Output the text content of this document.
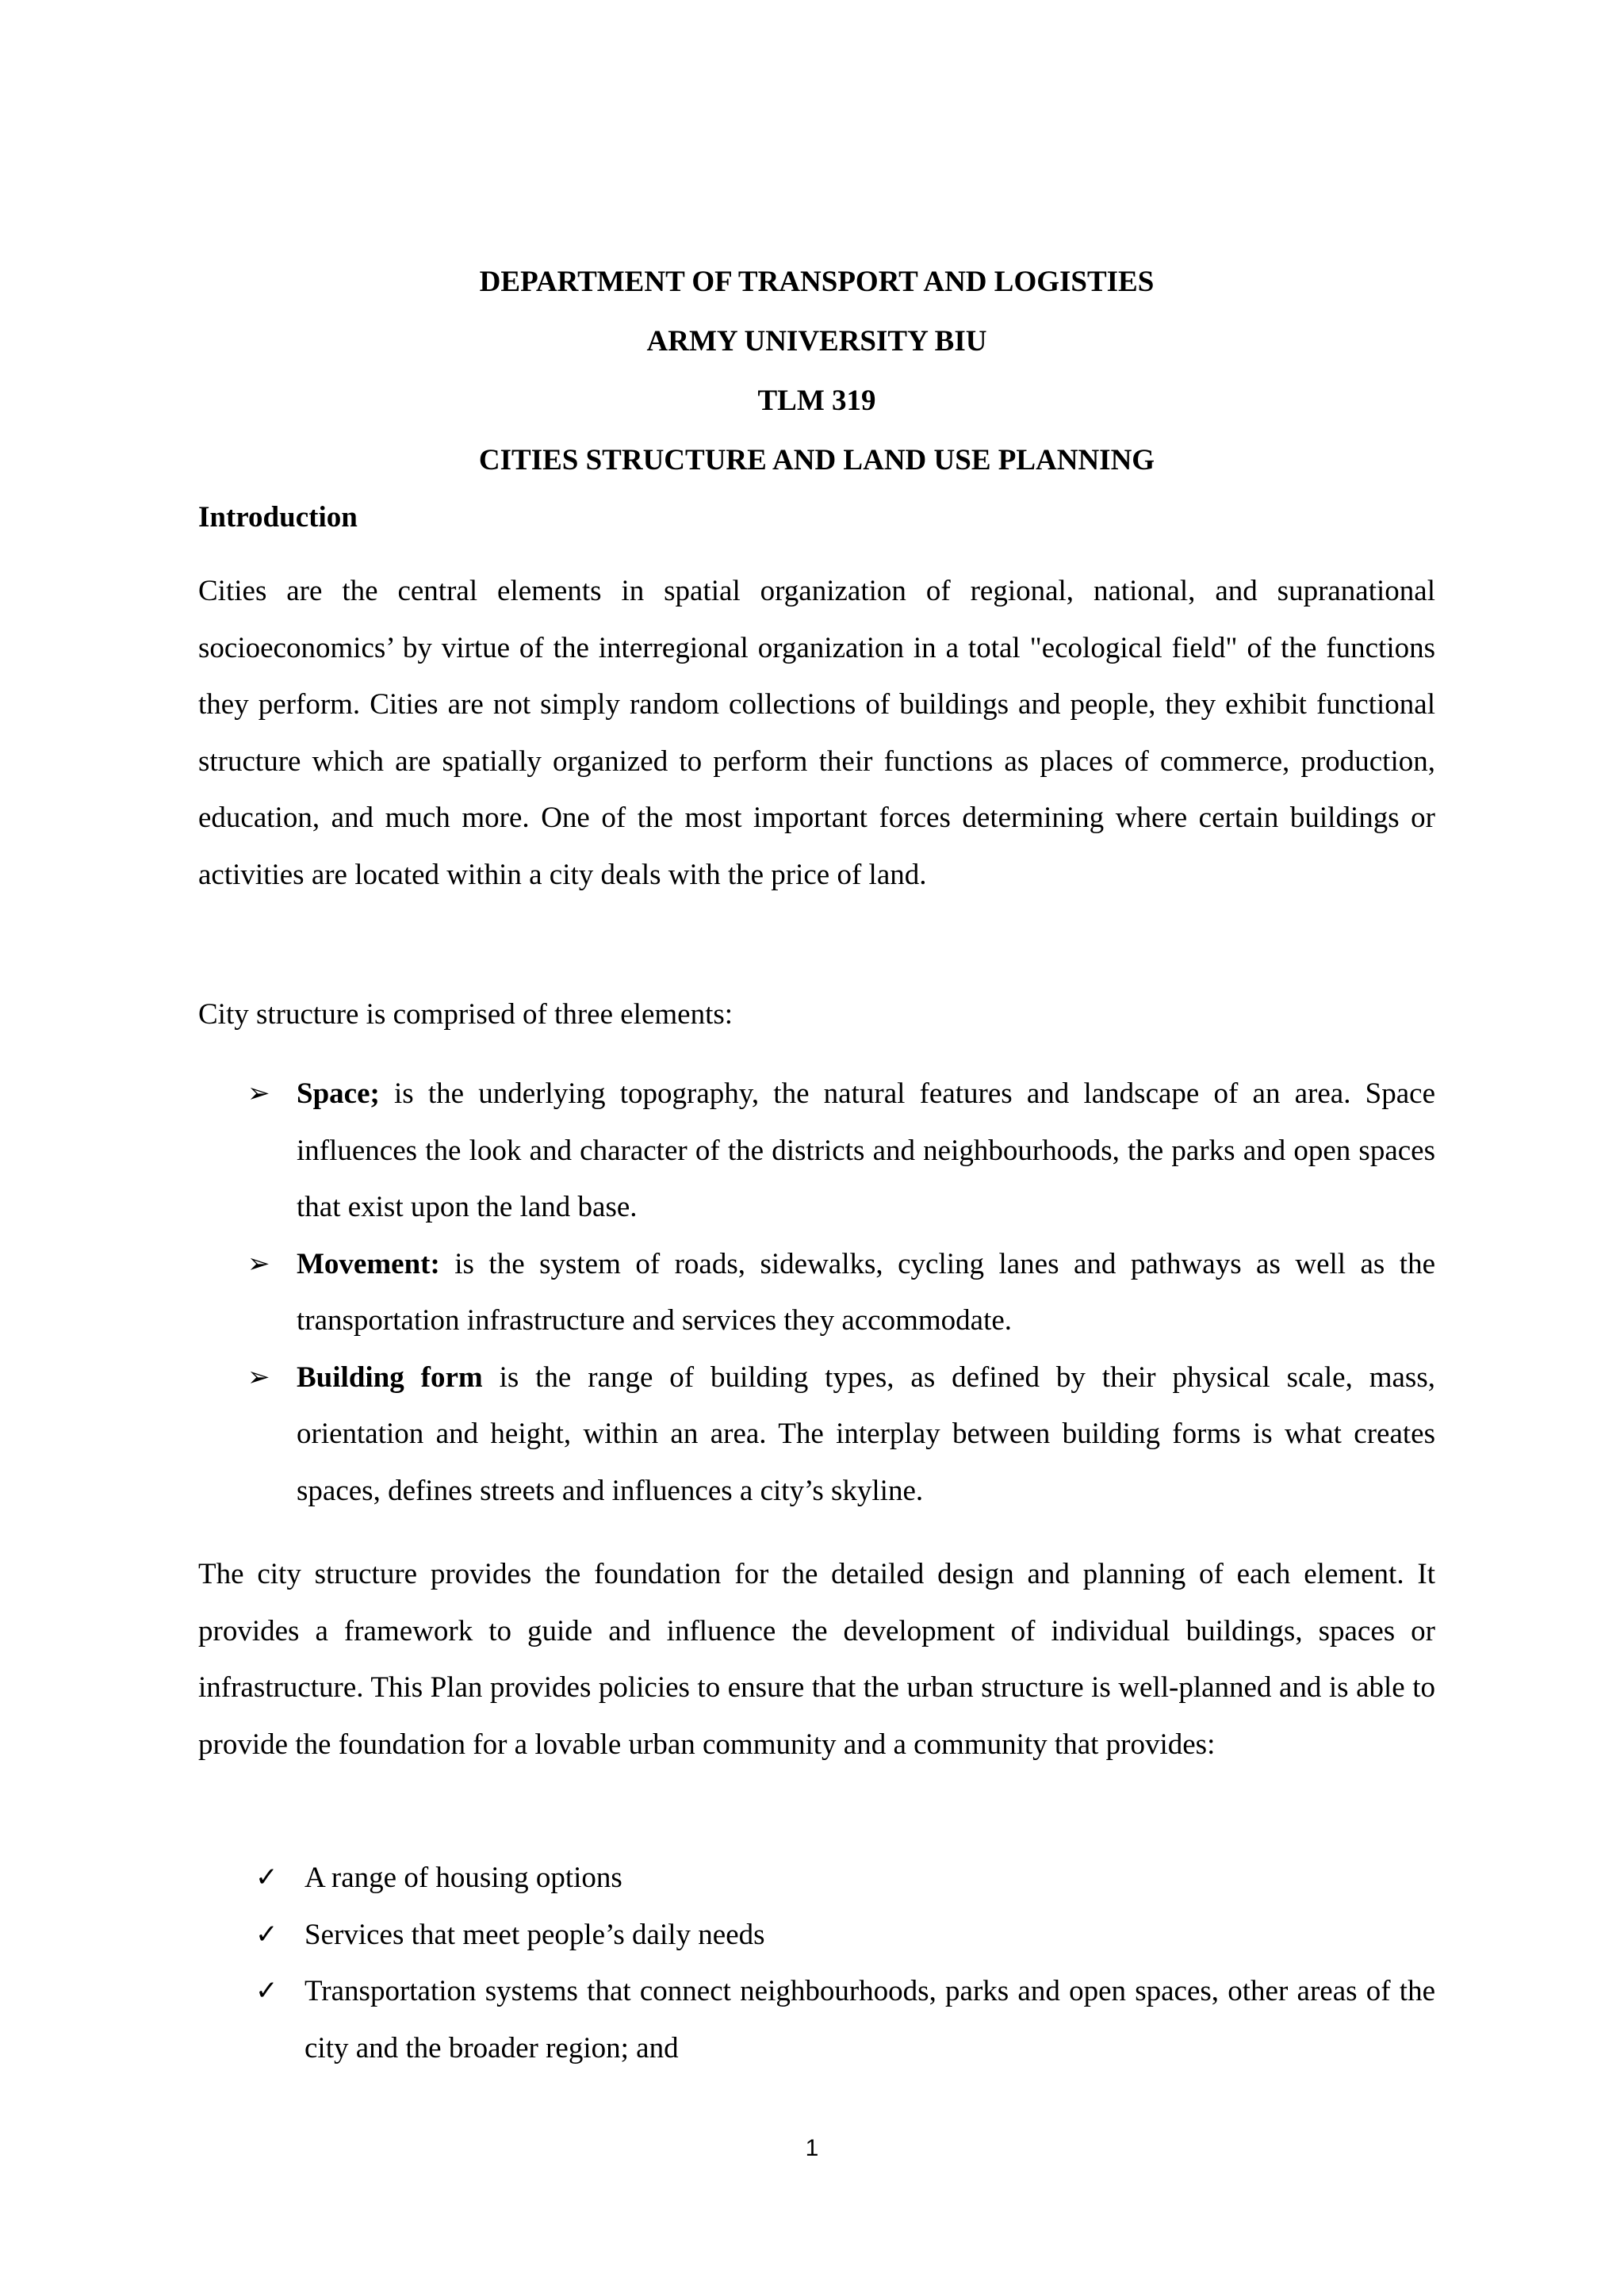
DEPARTMENT OF TRANSPORT AND LOGISTIES

ARMY UNIVERSITY BIU

TLM 319

CITIES STRUCTURE AND LAND USE PLANNING

Introduction

Cities are the central elements in spatial organization of regional, national, and supranational socioeconomics’ by virtue of the interregional organization in a total "ecological field" of the functions they perform. Cities are not simply random collections of buildings and people, they exhibit functional structure which are spatially organized to perform their functions as places of commerce, production, education, and much more. One of the most important forces determining where certain buildings or activities are located within a city deals with the price of land.

City structure is comprised of three elements:

➢ Space; is the underlying topography, the natural features and landscape of an area. Space influences the look and character of the districts and neighbourhoods, the parks and open spaces that exist upon the land base.
➢ Movement: is the system of roads, sidewalks, cycling lanes and pathways as well as the transportation infrastructure and services they accommodate.
➢ Building form is the range of building types, as defined by their physical scale, mass, orientation and height, within an area. The interplay between building forms is what creates spaces, defines streets and influences a city’s skyline.

The city structure provides the foundation for the detailed design and planning of each element. It provides a framework to guide and influence the development of individual buildings, spaces or infrastructure. This Plan provides policies to ensure that the urban structure is well-planned and is able to provide the foundation for a lovable urban community and a community that provides:

✓ A range of housing options
✓ Services that meet people’s daily needs
✓ Transportation systems that connect neighbourhoods, parks and open spaces, other areas of the city and the broader region; and
1
